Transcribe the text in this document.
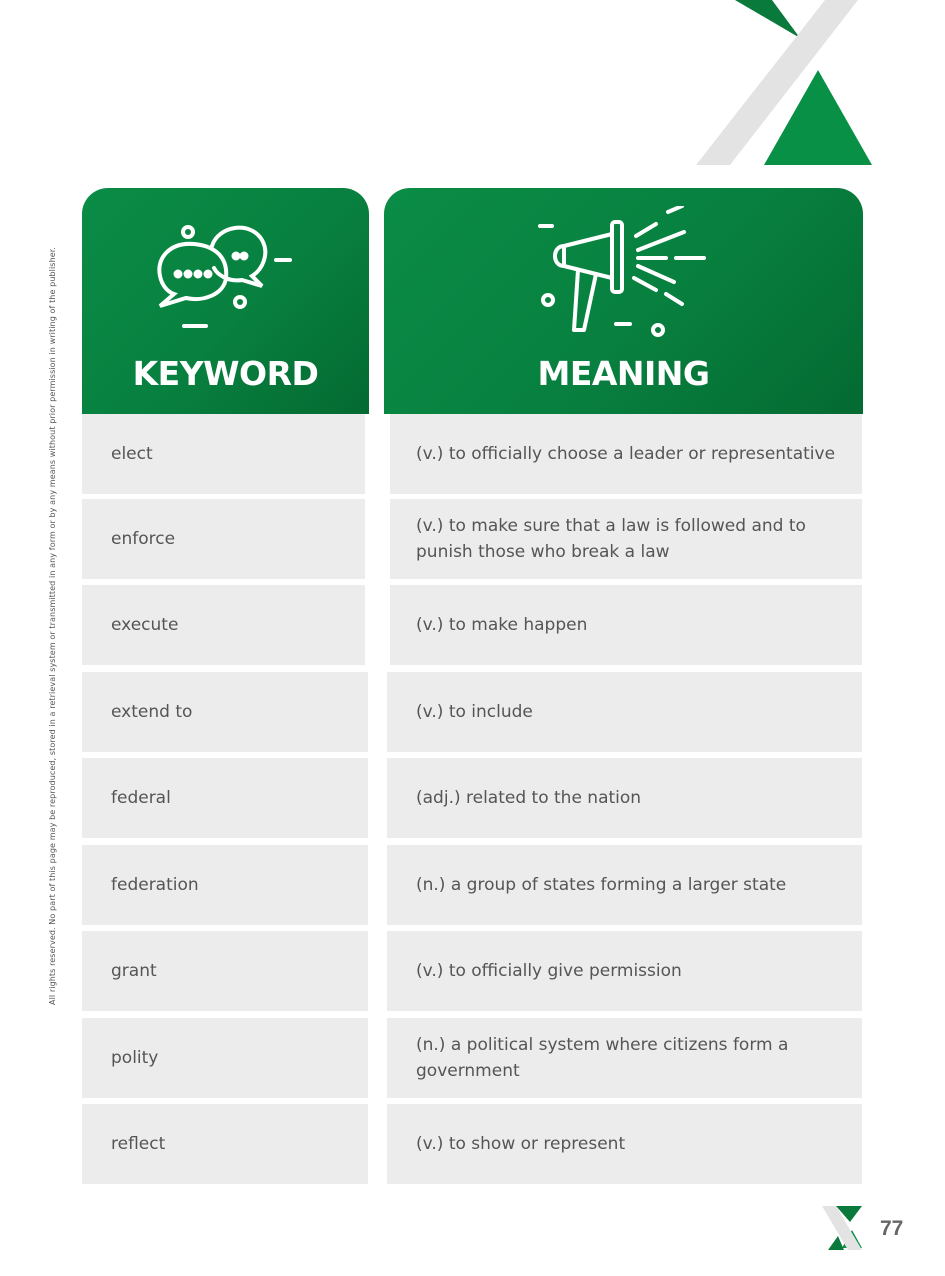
All rights reserved. No part of this page may be reproduced, stored in a retrieval system or transmitted in any form or by any means without prior permission in writing of the publisher.	KEYWORD	MEANING
elect
enforce
execute
extend to
federal
federation
grant
polity
reflect
(v.) to officially choose a leader or representative
(v.) to make sure that a law is followed and to punish those who break a law
(v.) to make happen
(v.) to include
(adj.) related to the nation
(n.) a group of states forming a larger state
(v.) to officially give permission
(n.) a political system where citizens form a government
(v.) to show or represent
77
